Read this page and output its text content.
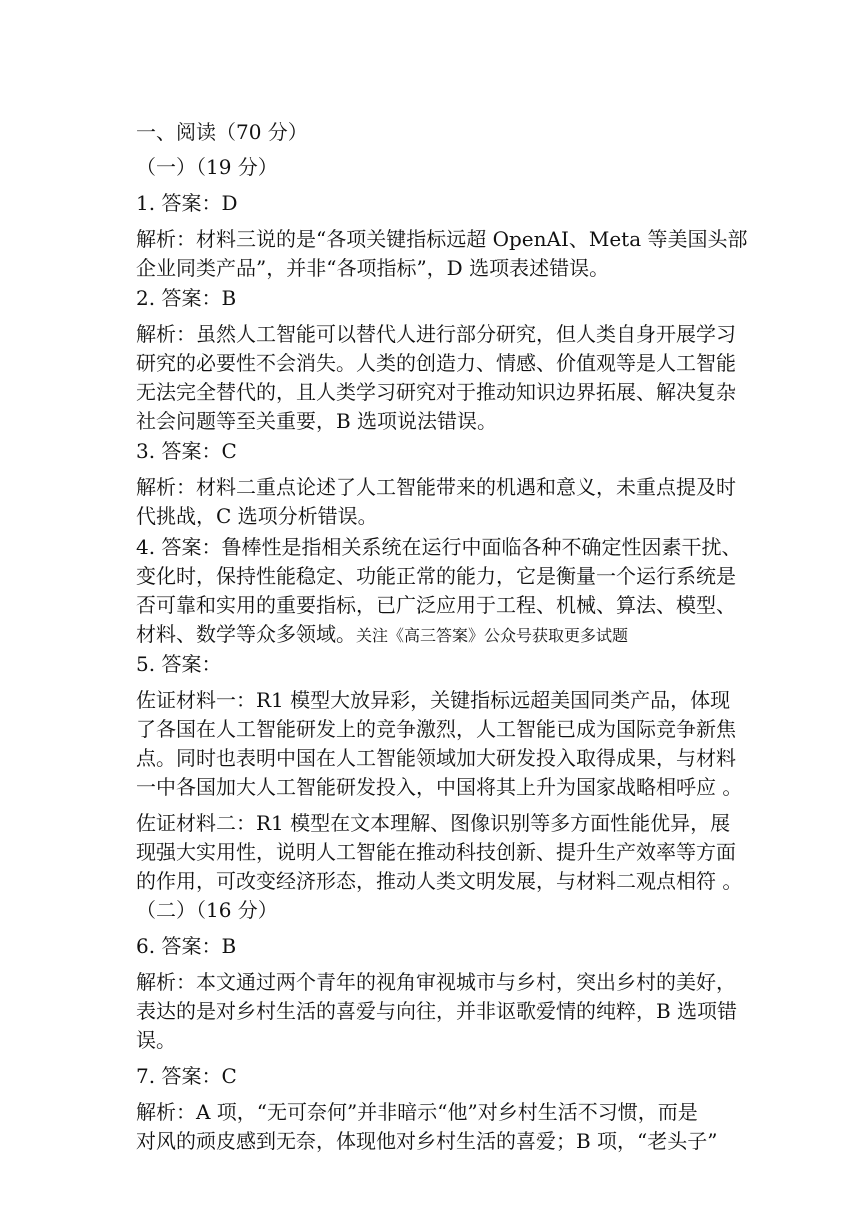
一、阅读（70 分）
（一）（19 分）
1. 答案：D
解析：材料三说的是“各项关键指标远超 OpenAI、Meta 等美国头部
企业同类产品”，并非“各项指标”，D 选项表述错误。
2. 答案：B
解析：虽然人工智能可以替代人进行部分研究，但人类自身开展学习
研究的必要性不会消失。人类的创造力、情感、价值观等是人工智能
无法完全替代的，且人类学习研究对于推动知识边界拓展、解决复杂
社会问题等至关重要，B 选项说法错误。
3. 答案：C
解析：材料二重点论述了人工智能带来的机遇和意义，未重点提及时
代挑战，C 选项分析错误。
4. 答案：鲁棒性是指相关系统在运行中面临各种不确定性因素干扰、
变化时，保持性能稳定、功能正常的能力，它是衡量一个运行系统是
否可靠和实用的重要指标，已广泛应用于工程、机械、算法、模型、
材料、数学等众多领域。关注《高三答案》公众号获取更多试题
5. 答案：
佐证材料一：R1 模型大放异彩，关键指标远超美国同类产品，体现
了各国在人工智能研发上的竞争激烈，人工智能已成为国际竞争新焦
点。同时也表明中国在人工智能领域加大研发投入取得成果，与材料
一中各国加大人工智能研发投入，中国将其上升为国家战略相呼应 。
佐证材料二：R1 模型在文本理解、图像识别等多方面性能优异，展
现强大实用性，说明人工智能在推动科技创新、提升生产效率等方面
的作用，可改变经济形态，推动人类文明发展，与材料二观点相符 。
（二）（16 分）
6. 答案：B
解析：本文通过两个青年的视角审视城市与乡村，突出乡村的美好，
表达的是对乡村生活的喜爱与向往，并非讴歌爱情的纯粹，B 选项错
误。
7. 答案：C
解析：A 项，“无可奈何”并非暗示“他”对乡村生活不习惯，而是
对风的顽皮感到无奈，体现他对乡村生活的喜爱；B 项，“老头子”
